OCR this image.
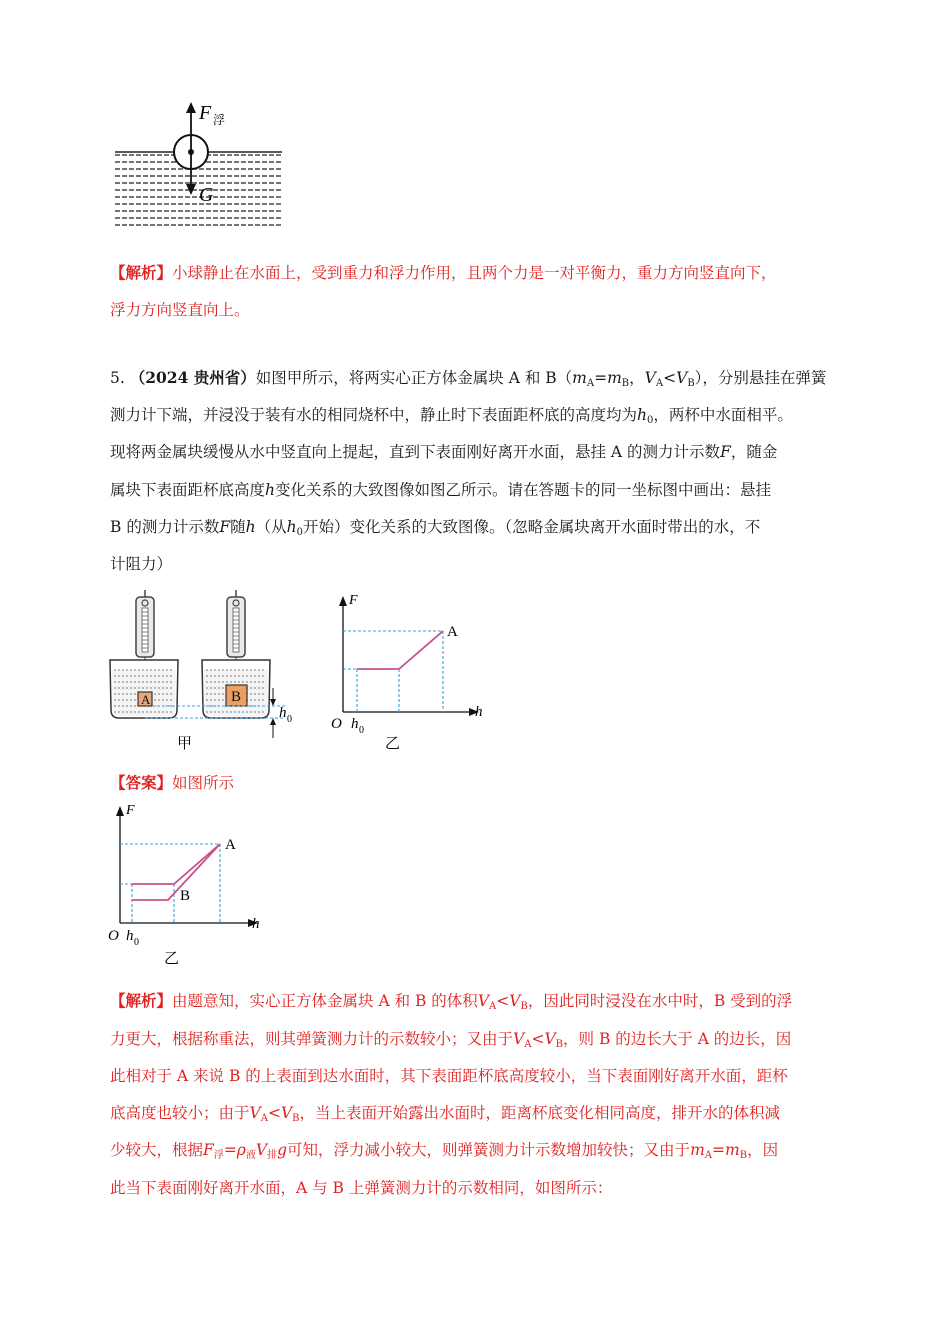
F 浮
G
【解析】小球静止在水面上，受到重力和浮力作用，且两个力是一对平衡力，重力方向竖直向下，
浮力方向竖直向上。
5. （2024 贵州省）如图甲所示，将两实心正方体金属块 A 和 $B(m_A=m_B$，$V_A<V_B$），分别悬挂在弹簧
测力计下端，并浸没于装有水的相同烧杯中，静止时下表面距杯底的高度均为$h_0$，两杯中水面相平。
现将两金属块缓慢从水中竖直向上提起，直到下表面刚好离开水面，悬挂 A 的测力计示数F，随金
属块下表面距杯底高度h变化关系的大致图像如图乙所示。请在答题卡的同一坐标图中画出：悬挂
B 的测力计示数F随h（从$h_0$开始）变化关系的大致图像。（忽略金属块离开水面时带出的水，不
计阻力）
A	B
h 0
甲
A
F
h
O h 0
乙
【答案】如图所示
A
B
F
h
O h 0
乙
【解析】由题意知，实心正方体金属块 A 和 B 的体积$V_A<V_B$，因此同时浸没在水中时，B 受到的浮
力更大，根据称重法，则其弹簧测力计的示数较小；又由于$V_A<V_B$，则 B 的边长大于 A 的边长，因
此相对于 A 来说 B 的上表面到达水面时，其下表面距杯底高度较小，当下表面刚好离开水面，距杯
底高度也较小；由于$V_A<V_B$，当上表面开始露出水面时，距离杯底变化相同高度，排开水的体积减
少较大，根据$F_浮=\rho_液V_排g$可知，浮力减小较大，则弹簧测力计示数增加较快；又由于$m_A=m_B$，因
此当下表面刚好离开水面，A 与 B 上弹簧测力计的示数相同，如图所示：
